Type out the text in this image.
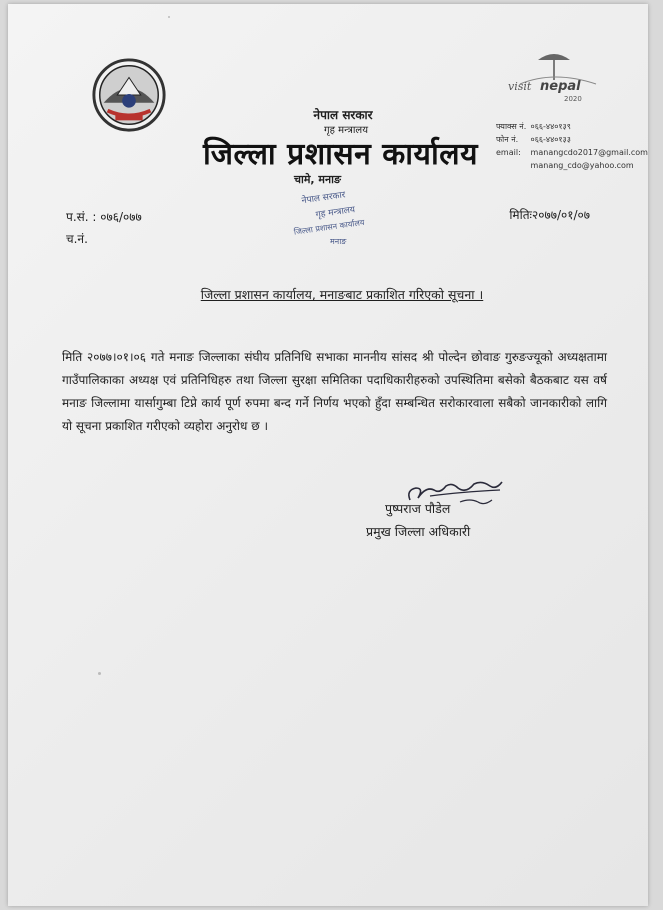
visit nepal
2020
नेपाल सरकार
गृह मन्त्रालय
जिल्ला प्रशासन कार्यालय
फ्याक्स नं. ०६६-४४०१३९
फोन नं. ०६६-४४०१३३
email: manangcdo2017@gmail.com
manang_cdo@yahoo.com
चामे, मनाङ
नेपाल सरकार
गृह मन्त्रालय
जिल्ला प्रशासन कार्यालय
मनाङ
प.सं. : ०७६/०७७
च.नं.
मितिः२०७७/०१/०७
जिल्ला प्रशासन कार्यालय, मनाङबाट प्रकाशित गरिएको सूचना ।
मिति २०७७।०१।०६ गते मनाङ जिल्लाका संघीय प्रतिनिधि सभाका माननीय सांसद श्री पोल्देन छोवाङ गुरुङज्यूको अध्यक्षतामा गाउँपालिकाका अध्यक्ष एवं प्रतिनिधिहरु तथा जिल्ला सुरक्षा समितिका पदाधिकारीहरुको उपस्थितिमा बसेको बैठकबाट यस वर्ष मनाङ जिल्लामा यार्सागुम्बा टिप्ने कार्य पूर्ण रुपमा बन्द गर्ने निर्णय भएको हुँदा सम्बन्धित सरोकारवाला सबैको जानकारीको लागि यो सूचना प्रकाशित गरीएको व्यहोरा अनुरोध छ ।
पुष्पराज पौडेल
प्रमुख जिल्ला अधिकारी
